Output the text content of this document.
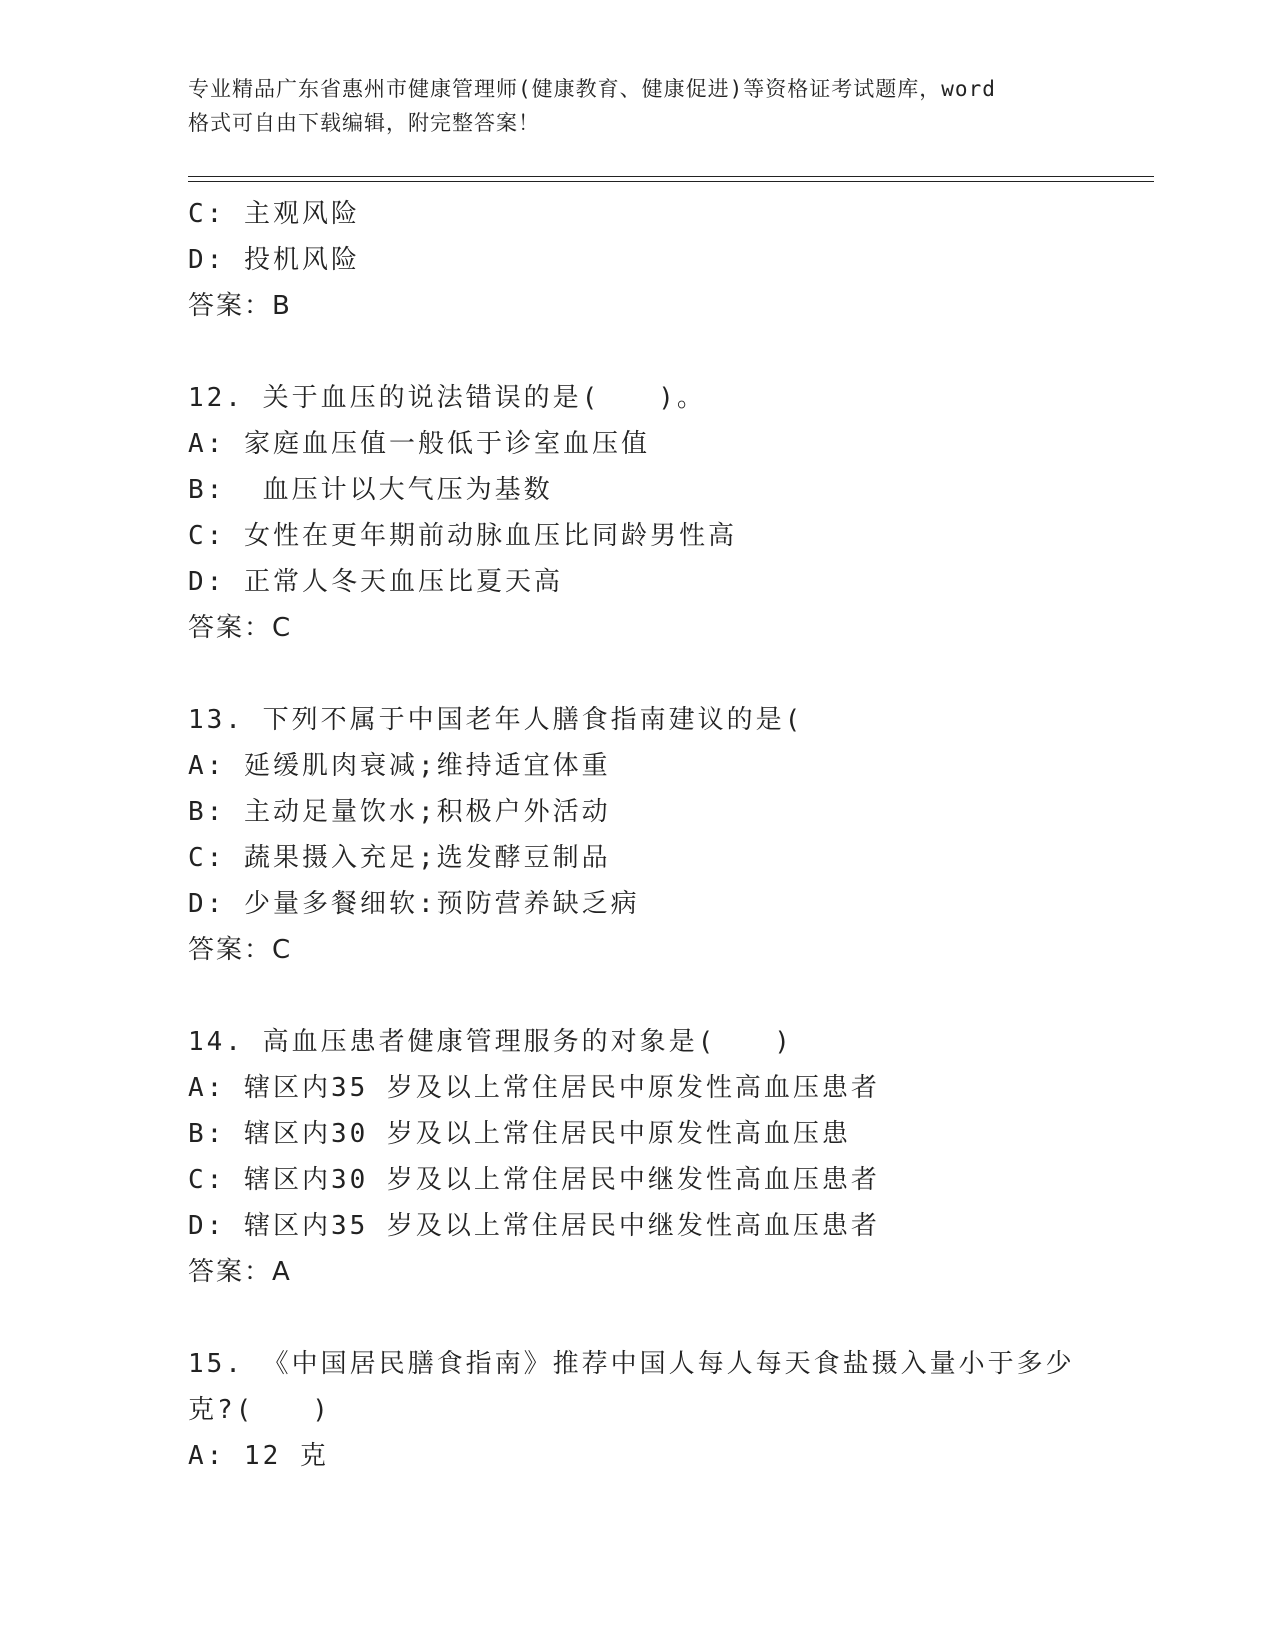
专业精品广东省惠州市健康管理师(健康教育、健康促进)等资格证考试题库，word
格式可自由下载编辑，附完整答案！
C: 主观风险
D: 投机风险
答案：B
12. 关于血压的说法错误的是(　　)。
A: 家庭血压值一般低于诊室血压值
B:  血压计以大气压为基数
C: 女性在更年期前动脉血压比同龄男性高
D: 正常人冬天血压比夏天高
答案：C
13. 下列不属于中国老年人膳食指南建议的是(
A: 延缓肌肉衰减;维持适宜体重
B: 主动足量饮水;积极户外活动
C: 蔬果摄入充足;选发酵豆制品
D: 少量多餐细软:预防营养缺乏病
答案：C
14. 高血压患者健康管理服务的对象是(　　)
A: 辖区内35 岁及以上常住居民中原发性高血压患者
B: 辖区内30 岁及以上常住居民中原发性高血压患
C: 辖区内30 岁及以上常住居民中继发性高血压患者
D: 辖区内35 岁及以上常住居民中继发性高血压患者
答案：A
15. 《中国居民膳食指南》推荐中国人每人每天食盐摄入量小于多少
克?(　　)
A: 12 克
